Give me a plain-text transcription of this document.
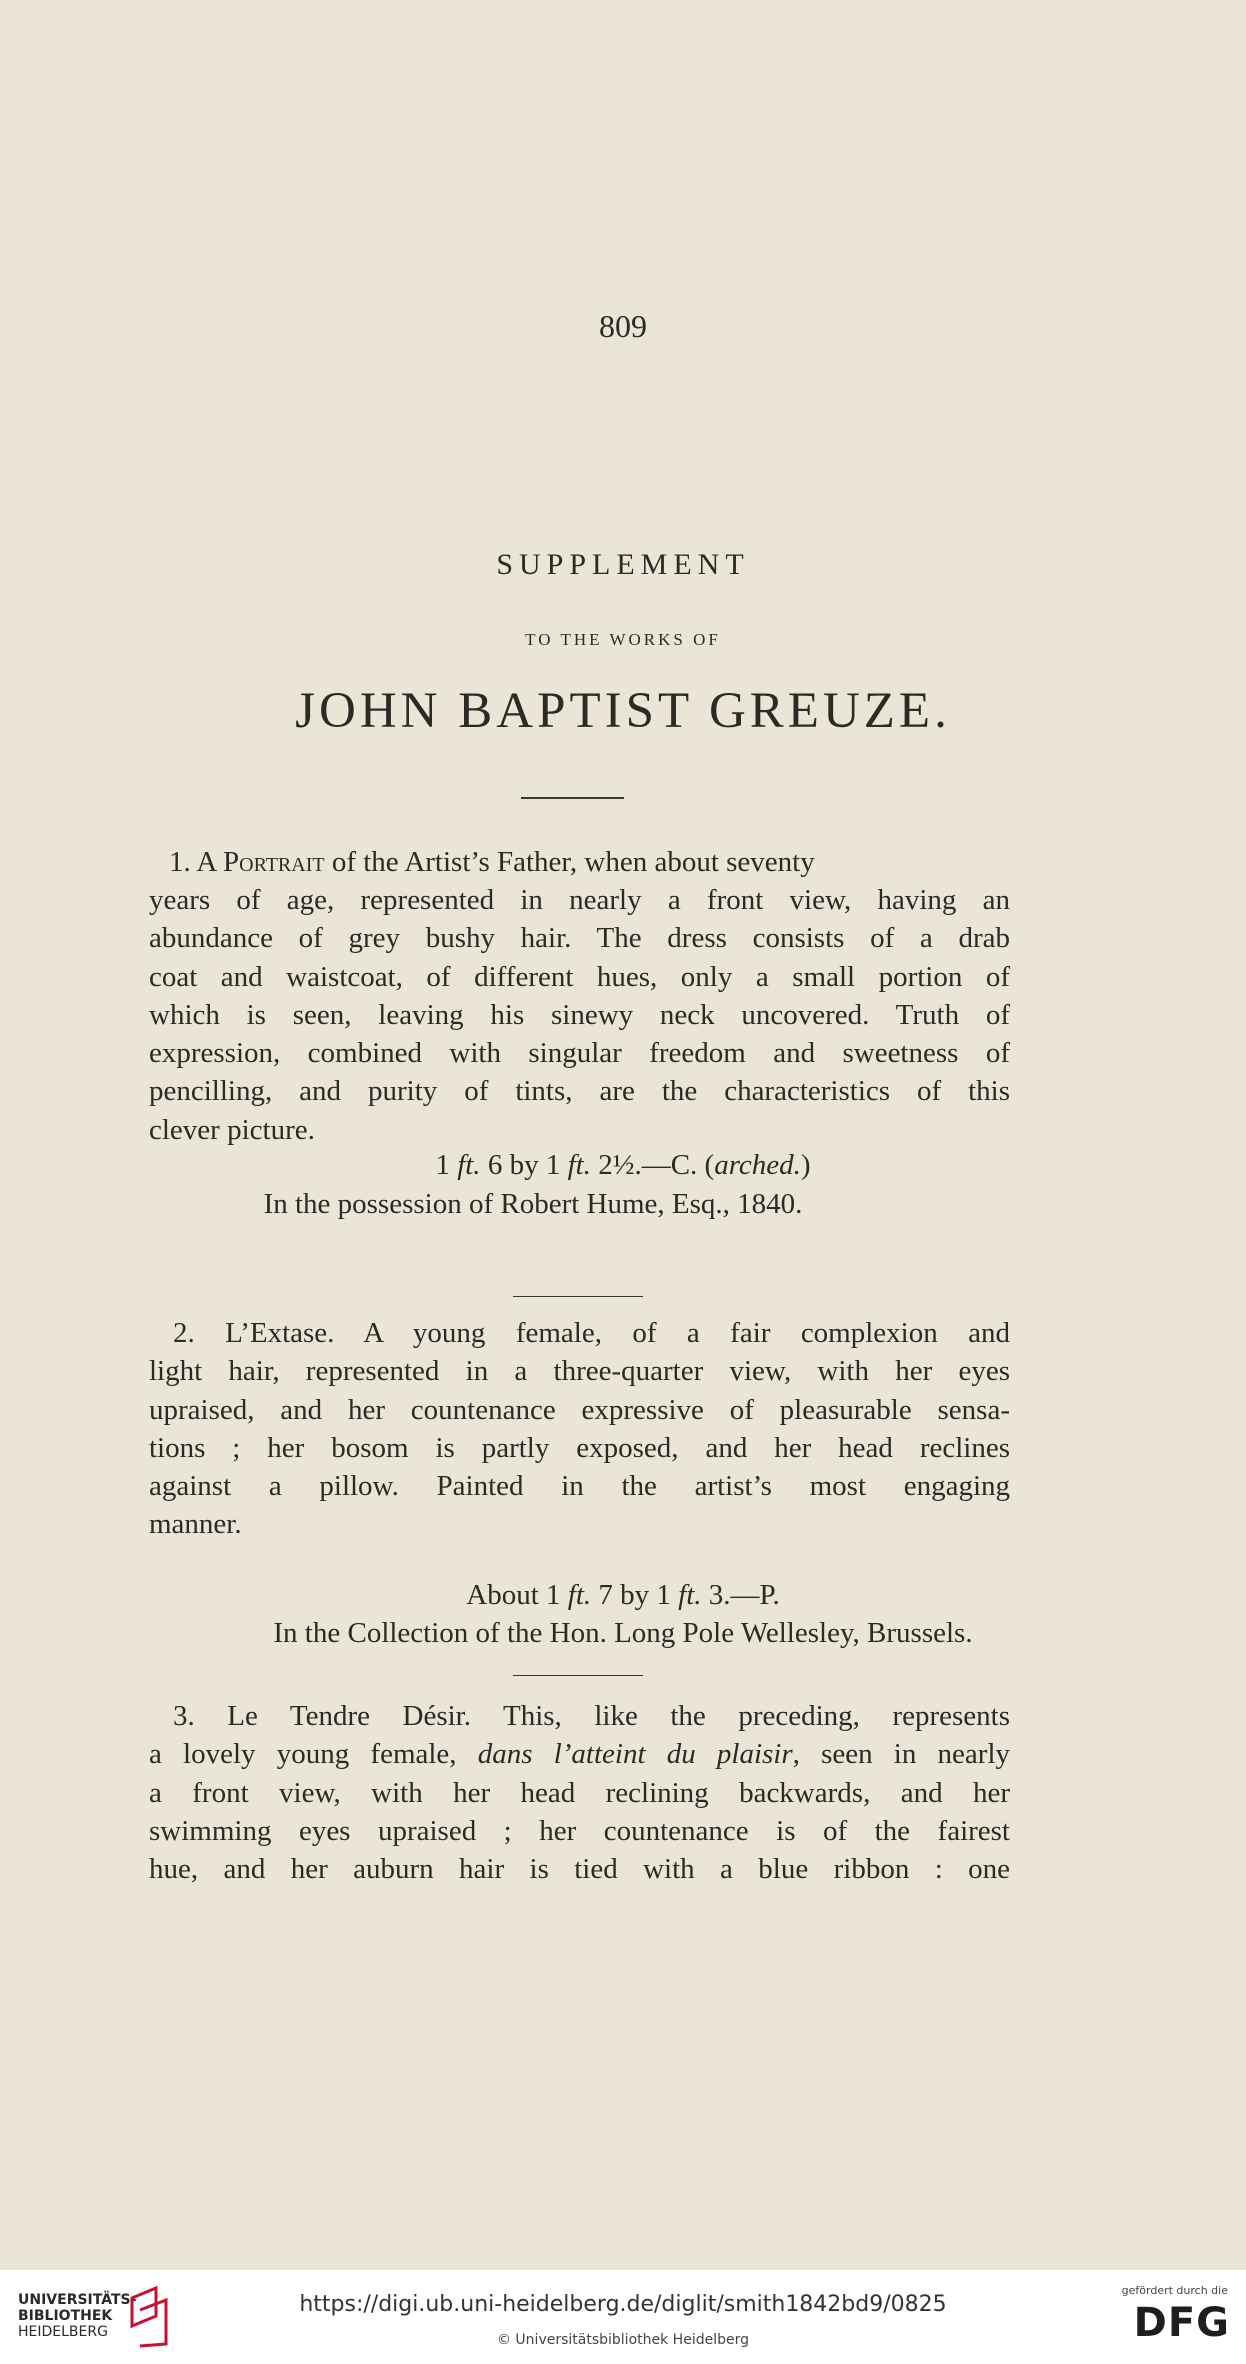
809
SUPPLEMENT
TO THE WORKS OF
JOHN BAPTIST GREUZE.
1. A Portrait of the Artist’s Father, when about seventy
years of age, represented in nearly a front view, having an
abundance of grey bushy hair. The dress consists of a drab
coat and waistcoat, of different hues, only a small portion of
which is seen, leaving his sinewy neck uncovered. Truth of
expression, combined with singular freedom and sweetness of
pencilling, and purity of tints, are the characteristics of this
clever picture.
1 ft. 6 by 1 ft. 2½.—C. (arched.)
In the possession of Robert Hume, Esq., 1840.
2. L’Extase. A young female, of a fair complexion and
light hair, represented in a three-quarter view, with her eyes
upraised, and her countenance expressive of pleasurable sensa-
tions ; her bosom is partly exposed, and her head reclines
against a pillow. Painted in the artist’s most engaging
manner.
About 1 ft. 7 by 1 ft. 3.—P.
In the Collection of the Hon. Long Pole Wellesley, Brussels.
3. Le Tendre Désir. This, like the preceding, represents
a lovely young female, dans l’atteint du plaisir, seen in nearly
a front view, with her head reclining backwards, and her
swimming eyes upraised ; her countenance is of the fairest
hue, and her auburn hair is tied with a blue ribbon : one
UNIVERSITÄTS-
BIBLIOTHEK
HEIDELBERG
https://digi.ub.uni-heidelberg.de/diglit/smith1842bd9/0825
© Universitätsbibliothek Heidelberg
gefördert durch die
DFG
